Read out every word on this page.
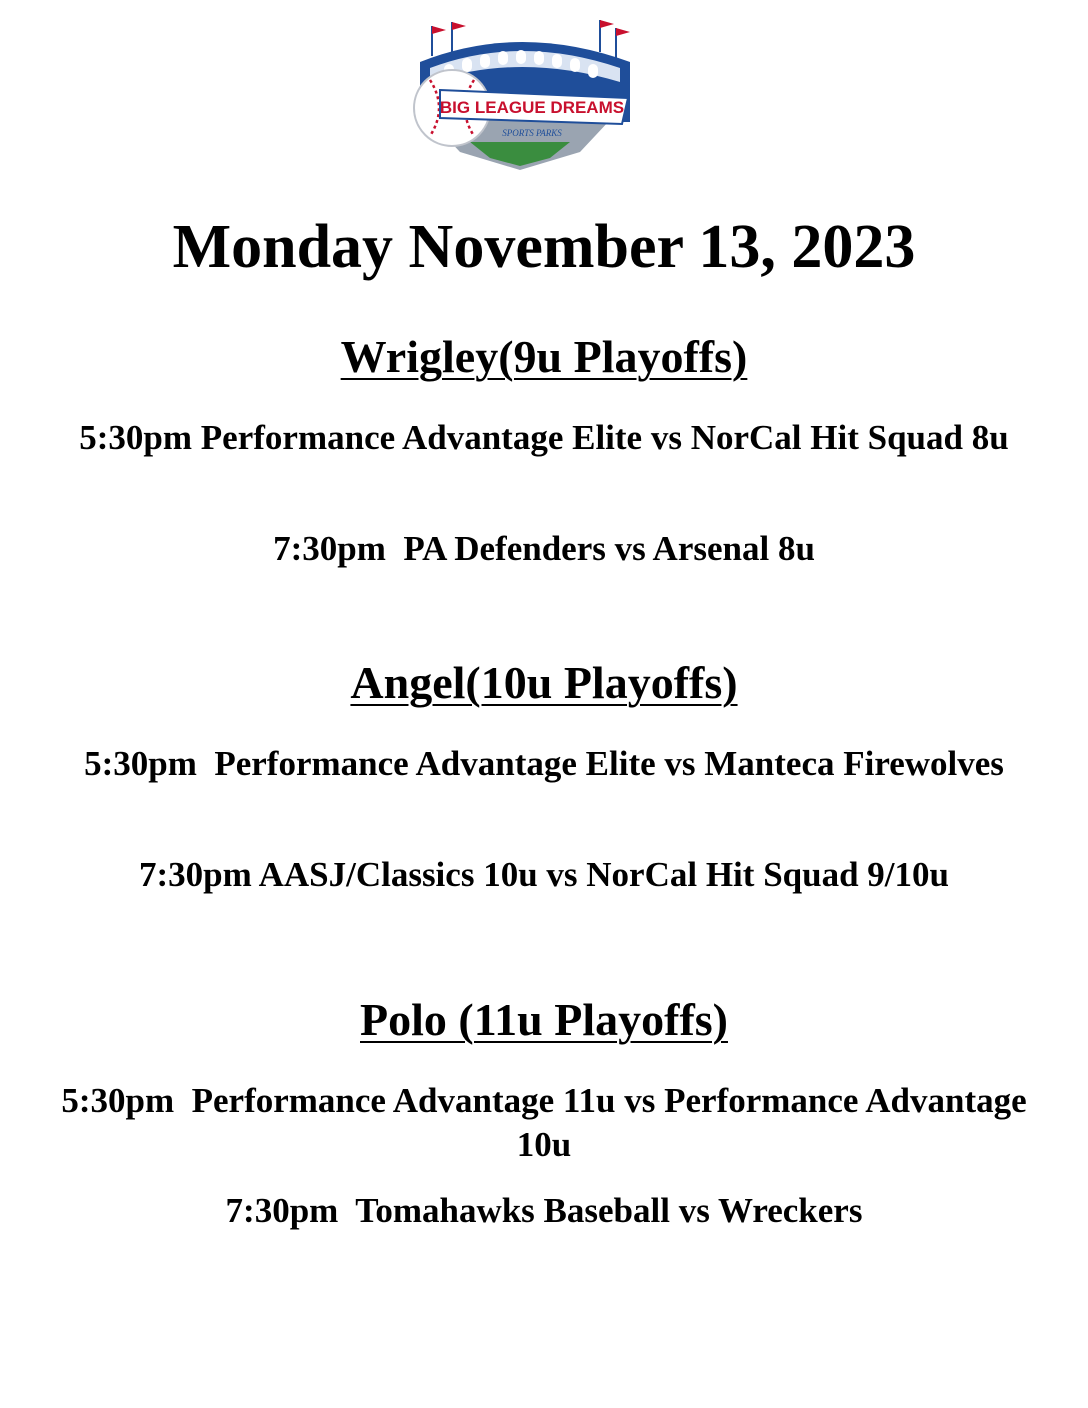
BIG LEAGUE DREAMS
SPORTS PARKS
Monday November 13, 2023
Wrigley(9u Playoffs)
5:30pm Performance Advantage Elite vs NorCal Hit Squad 8u
7:30pm  PA Defenders vs Arsenal 8u
Angel(10u Playoffs)
5:30pm  Performance Advantage Elite vs Manteca Firewolves
7:30pm AASJ/Classics 10u vs NorCal Hit Squad 9/10u
Polo (11u Playoffs)
5:30pm  Performance Advantage 11u vs Performance Advantage 10u
7:30pm  Tomahawks Baseball vs Wreckers
